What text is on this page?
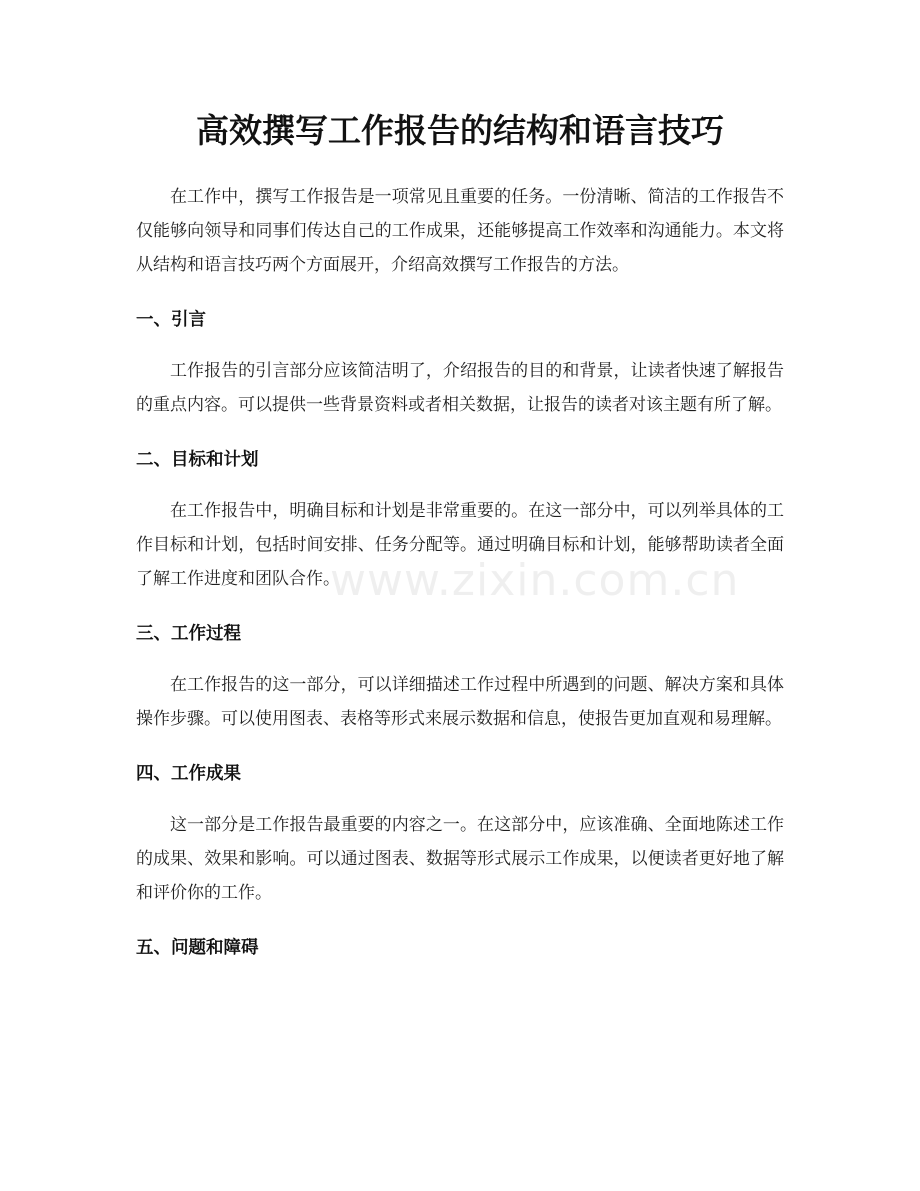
高效撰写工作报告的结构和语言技巧

在工作中，撰写工作报告是一项常见且重要的任务。一份清晰、简洁的工作报告不仅能够向领导和同事们传达自己的工作成果，还能够提高工作效率和沟通能力。本文将从结构和语言技巧两个方面展开，介绍高效撰写工作报告的方法。

一、引言

工作报告的引言部分应该简洁明了，介绍报告的目的和背景，让读者快速了解报告的重点内容。可以提供一些背景资料或者相关数据，让报告的读者对该主题有所了解。

二、目标和计划

在工作报告中，明确目标和计划是非常重要的。在这一部分中，可以列举具体的工作目标和计划，包括时间安排、任务分配等。通过明确目标和计划，能够帮助读者全面了解工作进度和团队合作。

三、工作过程

在工作报告的这一部分，可以详细描述工作过程中所遇到的问题、解决方案和具体操作步骤。可以使用图表、表格等形式来展示数据和信息，使报告更加直观和易理解。

四、工作成果

这一部分是工作报告最重要的内容之一。在这部分中，应该准确、全面地陈述工作的成果、效果和影响。可以通过图表、数据等形式展示工作成果，以便读者更好地了解和评价你的工作。

五、问题和障碍
www.zixin.com.cn
